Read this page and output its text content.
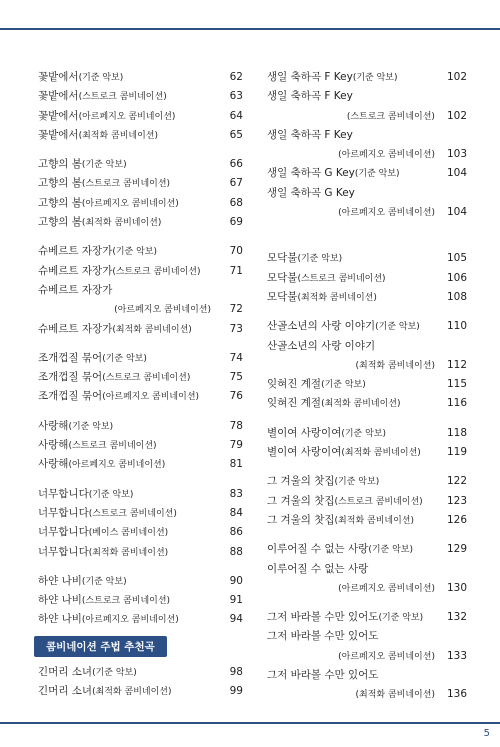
꽃밭에서(기준 악보)	62
꽃밭에서(스트로크 콤비네이션)	63
꽃밭에서(아르페지오 콤비네이션)	64
꽃밭에서(최적화 콤비네이션)	65
고향의 봄(기준 악보)	66
고향의 봄(스트로크 콤비네이션)	67
고향의 봄(아르페지오 콤비네이션)	68
고향의 봄(최적화 콤비네이션)	69
슈베르트 자장가(기준 악보)	70
슈베르트 자장가(스트로크 콤비네이션)	71
슈베르트 자장가
(아르페지오 콤비네이션)	72
슈베르트 자장가(최적화 콤비네이션)	73
조개껍질 묶어(기준 악보)	74
조개껍질 묶어(스트로크 콤비네이션)	75
조개껍질 묶어(아르페지오 콤비네이션)	76
사랑해(기준 악보)	78
사랑해(스트로크 콤비네이션)	79
사랑해(아르페지오 콤비네이션)	81
너무합니다(기준 악보)	83
너무합니다(스트로크 콤비네이션)	84
너무합니다(베이스 콤비네이션)	86
너무합니다(최적화 콤비네이션)	88
하얀 나비(기준 악보)	90
하얀 나비(스트로크 콤비네이션)	91
하얀 나비(아르페지오 콤비네이션)	94
콤비네이션 주법 추천곡
긴머리 소녀(기준 악보)	98
긴머리 소녀(최적화 콤비네이션)	99
생일 축하곡 F Key(기준 악보)	102
생일 축하곡 F Key
(스트로크 콤비네이션) 102
생일 축하곡 F Key
(아르페지오 콤비네이션) 103
생일 축하곡 G Key(기준 악보)	104
생일 축하곡 G Key
(아르페지오 콤비네이션) 104
모닥불(기준 악보)	105
모닥불(스트로크 콤비네이션)	106
모닥불(최적화 콤비네이션)	108
산골소년의 사랑 이야기(기준 악보)	110
산골소년의 사랑 이야기
(최적화 콤비네이션) 112
잊혀진 계절(기준 악보)	115
잊혀진 계절(최적화 콤비네이션)	116
별이여 사랑이여(기준 악보)	118
별이여 사랑이여(최적화 콤비네이션) 119
그 겨울의 찻집(기준 악보)	122
그 겨울의 찻집(스트로크 콤비네이션) 123
그 겨울의 찻집(최적화 콤비네이션)	126
이루어질 수 없는 사랑(기준 악보)	129
이루어질 수 없는 사랑
(아르페지오 콤비네이션) 130
그저 바라볼 수만 있어도(기준 악보) 132
그저 바라볼 수만 있어도
(아르페지오 콤비네이션) 133
그저 바라볼 수만 있어도
(최적화 콤비네이션) 136
5
